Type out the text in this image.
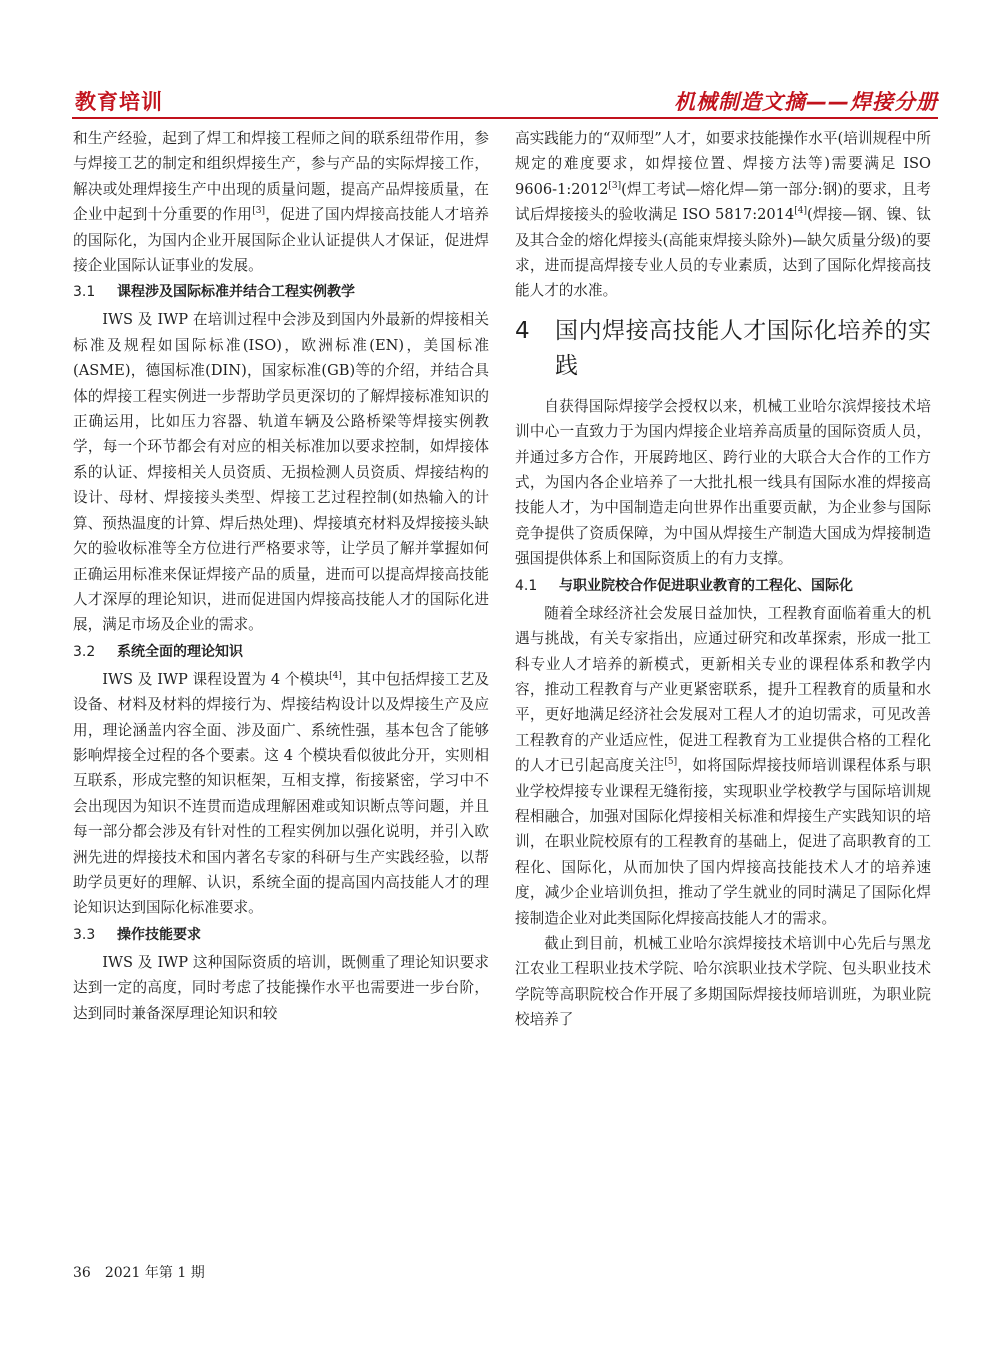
教育培训	机械制造文摘——焊接分册

和生产经验，起到了焊工和焊接工程师之间的联系纽带作用，参与焊接工艺的制定和组织焊接生产，参与产品的实际焊接工作，解决或处理焊接生产中出现的质量问题，提高产品焊接质量，在企业中起到十分重要的作用[3]，促进了国内焊接高技能人才培养的国际化，为国内企业开展国际企业认证提供人才保证，促进焊接企业国际认证事业的发展。

3.1 课程涉及国际标准并结合工程实例教学

IWS 及 IWP 在培训过程中会涉及到国内外最新的焊接相关标准及规程如国际标准(ISO)，欧洲标准(EN)，美国标准(ASME)，德国标准(DIN)，国家标准(GB)等的介绍，并结合具体的焊接工程实例进一步帮助学员更深切的了解焊接标准知识的正确运用，比如压力容器、轨道车辆及公路桥梁等焊接实例教学，每一个环节都会有对应的相关标准加以要求控制，如焊接体系的认证、焊接相关人员资质、无损检测人员资质、焊接结构的设计、母材、焊接接头类型、焊接工艺过程控制(如热输入的计算、预热温度的计算、焊后热处理)、焊接填充材料及焊接接头缺欠的验收标准等全方位进行严格要求等，让学员了解并掌握如何正确运用标准来保证焊接产品的质量，进而可以提高焊接高技能人才深厚的理论知识，进而促进国内焊接高技能人才的国际化进展，满足市场及企业的需求。

3.2 系统全面的理论知识

IWS 及 IWP 课程设置为 4 个模块[4]，其中包括焊接工艺及设备、材料及材料的焊接行为、焊接结构设计以及焊接生产及应用，理论涵盖内容全面、涉及面广、系统性强，基本包含了能够影响焊接全过程的各个要素。这 4 个模块看似彼此分开，实则相互联系，形成完整的知识框架，互相支撑，衔接紧密，学习中不会出现因为知识不连贯而造成理解困难或知识断点等问题，并且每一部分都会涉及有针对性的工程实例加以强化说明，并引入欧洲先进的焊接技术和国内著名专家的科研与生产实践经验，以帮助学员更好的理解、认识，系统全面的提高国内高技能人才的理论知识达到国际化标准要求。

3.3 操作技能要求

IWS 及 IWP 这种国际资质的培训，既侧重了理论知识要求达到一定的高度，同时考虑了技能操作水平也需要进一步台阶，达到同时兼备深厚理论知识和较

高实践能力的“双师型”人才，如要求技能操作水平(培训规程中所规定的难度要求，如焊接位置、焊接方法等)需要满足 ISO 9606-1:2012[3](焊工考试—熔化焊—第一部分:钢)的要求，且考试后焊接接头的验收满足 ISO 5817:2014[4](焊接—钢、镍、钛及其合金的熔化焊接头(高能束焊接头除外)—缺欠质量分级)的要求，进而提高焊接专业人员的专业素质，达到了国际化焊接高技能人才的水准。

4	国内焊接高技能人才国际化培养的实践

自获得国际焊接学会授权以来，机械工业哈尔滨焊接技术培训中心一直致力于为国内焊接企业培养高质量的国际资质人员，并通过多方合作，开展跨地区、跨行业的大联合大合作的工作方式，为国内各企业培养了一大批扎根一线具有国际水准的焊接高技能人才，为中国制造走向世界作出重要贡献，为企业参与国际竞争提供了资质保障，为中国从焊接生产制造大国成为焊接制造强国提供体系上和国际资质上的有力支撑。

4.1 与职业院校合作促进职业教育的工程化、国际化

随着全球经济社会发展日益加快，工程教育面临着重大的机遇与挑战，有关专家指出，应通过研究和改革探索，形成一批工科专业人才培养的新模式，更新相关专业的课程体系和教学内容，推动工程教育与产业更紧密联系，提升工程教育的质量和水平，更好地满足经济社会发展对工程人才的迫切需求，可见改善工程教育的产业适应性，促进工程教育为工业提供合格的工程化的人才已引起高度关注[5]，如将国际焊接技师培训课程体系与职业学校焊接专业课程无缝衔接，实现职业学校教学与国际培训规程相融合，加强对国际化焊接相关标准和焊接生产实践知识的培训，在职业院校原有的工程教育的基础上，促进了高职教育的工程化、国际化，从而加快了国内焊接高技能技术人才的培养速度，减少企业培训负担，推动了学生就业的同时满足了国际化焊接制造企业对此类国际化焊接高技能人才的需求。

截止到目前，机械工业哈尔滨焊接技术培训中心先后与黑龙江农业工程职业技术学院、哈尔滨职业技术学院、包头职业技术学院等高职院校合作开展了多期国际焊接技师培训班，为职业院校培养了

36 2021 年第 1 期
